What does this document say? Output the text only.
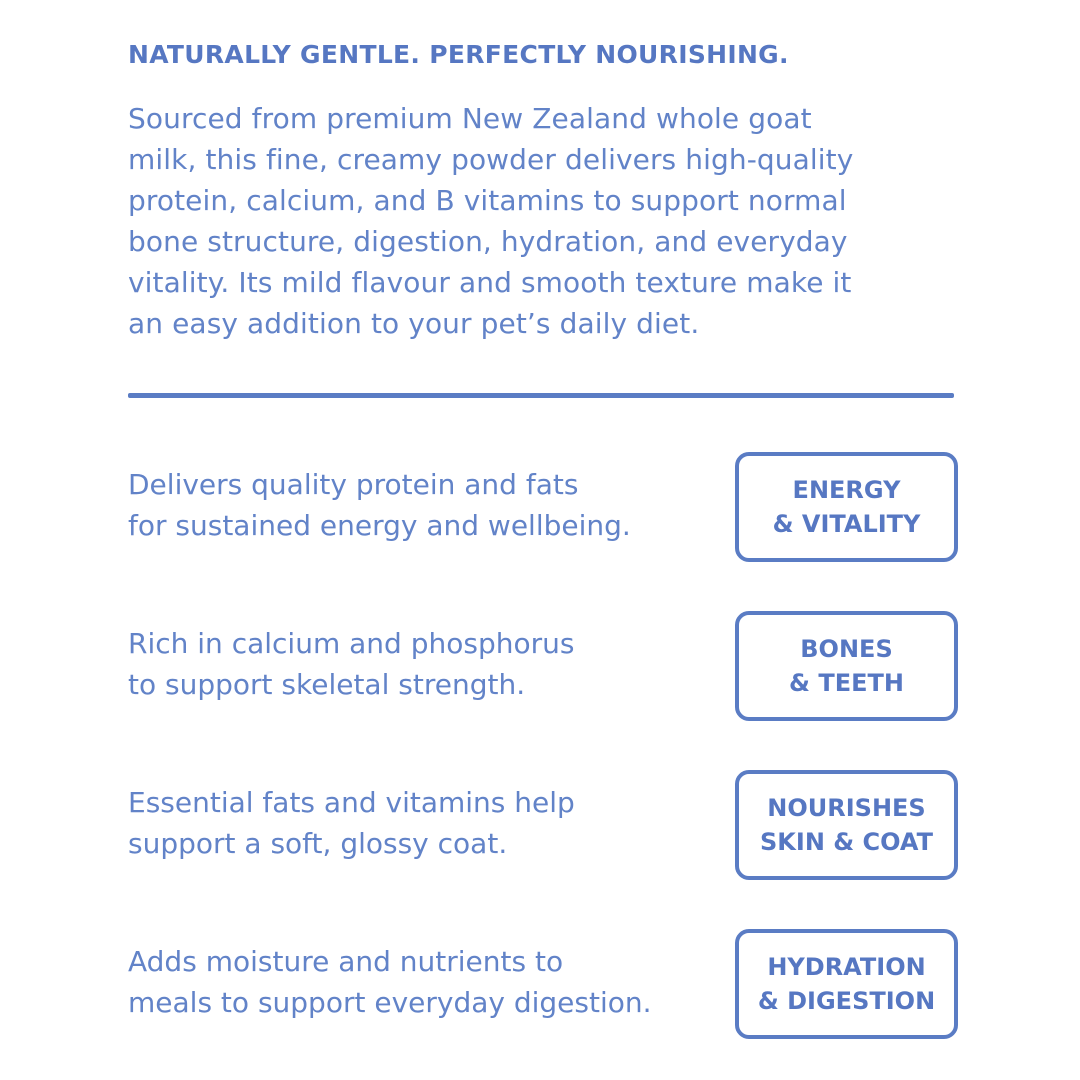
NATURALLY GENTLE. PERFECTLY NOURISHING.

Sourced from premium New Zealand whole goat
milk, this fine, creamy powder delivers high-quality
protein, calcium, and B vitamins to support normal
bone structure, digestion, hydration, and everyday
vitality. Its mild flavour and smooth texture make it
an easy addition to your pet’s daily diet.

Delivers quality protein and fats
for sustained energy and wellbeing.

ENERGY
& VITALITY

Rich in calcium and phosphorus
to support skeletal strength.

BONES
& TEETH

Essential fats and vitamins help
support a soft, glossy coat.

NOURISHES
SKIN & COAT

Adds moisture and nutrients to
meals to support everyday digestion.

HYDRATION
& DIGESTION
